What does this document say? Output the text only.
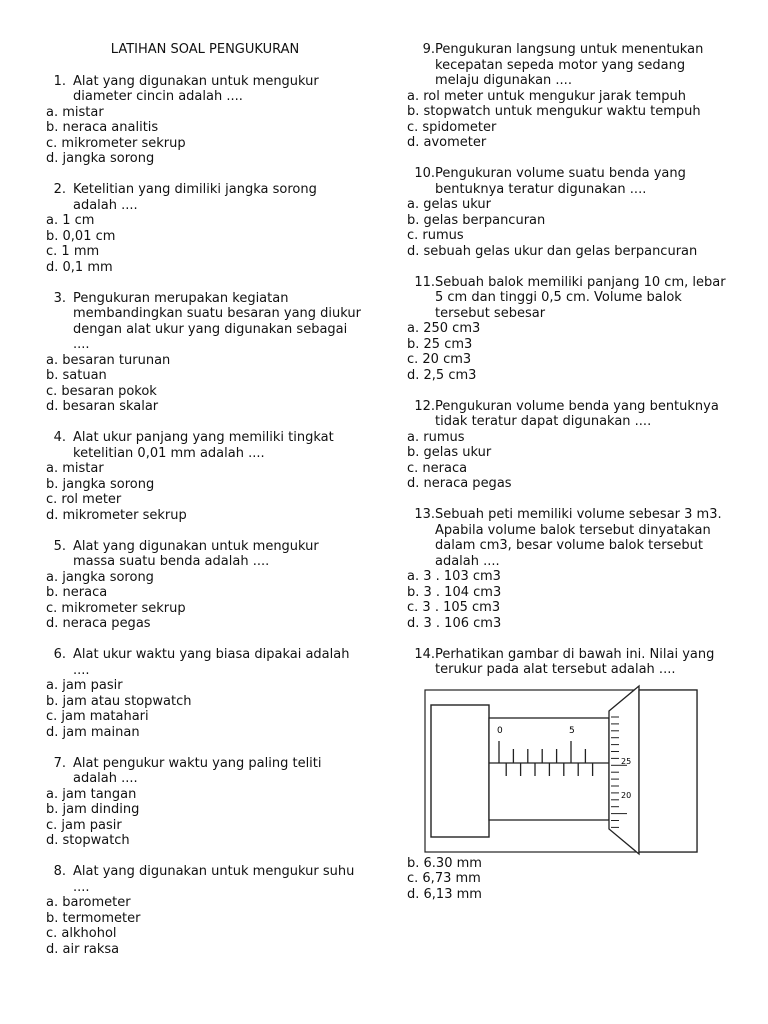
LATIHAN SOAL PENGUKURAN
1. Alat yang digunakan untuk mengukur diameter cincin adalah ....
a. mistar
b. neraca analitis
c. mikrometer sekrup
d. jangka sorong
2. Ketelitian yang dimiliki jangka sorong adalah ....
a. 1 cm
b. 0,01 cm
c. 1 mm
d. 0,1 mm
3. Pengukuran merupakan kegiatan membandingkan suatu besaran yang diukur dengan alat ukur yang digunakan sebagai ....
a. besaran turunan
b. satuan
c. besaran pokok
d. besaran skalar
4. Alat ukur panjang yang memiliki tingkat ketelitian 0,01 mm adalah ....
a. mistar
b. jangka sorong
c. rol meter
d. mikrometer sekrup
5. Alat yang digunakan untuk mengukur massa suatu benda adalah ....
a. jangka sorong
b. neraca
c. mikrometer sekrup
d. neraca pegas
6. Alat ukur waktu yang biasa dipakai adalah ....
a. jam pasir
b. jam atau stopwatch
c. jam matahari
d. jam mainan
7. Alat pengukur waktu yang paling teliti adalah ....
a. jam tangan
b. jam dinding
c. jam pasir
d. stopwatch
8. Alat yang digunakan untuk mengukur suhu ....
a. barometer
b. termometer
c. alkhohol
d. air raksa
9. Pengukuran langsung untuk menentukan kecepatan sepeda motor yang sedang melaju digunakan ....
a. rol meter untuk mengukur jarak tempuh
b. stopwatch untuk mengukur waktu tempuh
c. spidometer
d. avometer
10. Pengukuran volume suatu benda yang bentuknya teratur digunakan ....
a. gelas ukur
b. gelas berpancuran
c. rumus
d. sebuah gelas ukur dan gelas berpancuran
11. Sebuah balok memiliki panjang 10 cm, lebar 5 cm dan tinggi 0,5 cm. Volume balok tersebut sebesar
a. 250 cm3
b. 25 cm3
c. 20 cm3
d. 2,5 cm3
12. Pengukuran volume benda yang bentuknya tidak teratur dapat digunakan ....
a. rumus
b. gelas ukur
c. neraca
d. neraca pegas
13. Sebuah peti memiliki volume sebesar 3 m3. Apabila volume balok tersebut dinyatakan dalam cm3, besar volume balok tersebut adalah ....
a. 3 . 103 cm3
b. 3 . 104 cm3
c. 3 . 105 cm3
d. 3 . 106 cm3
14. Perhatikan gambar di bawah ini. Nilai yang terukur pada alat tersebut adalah ....
0	5
25
20
b. 6.30 mm
c. 6,73 mm
d. 6,13 mm
